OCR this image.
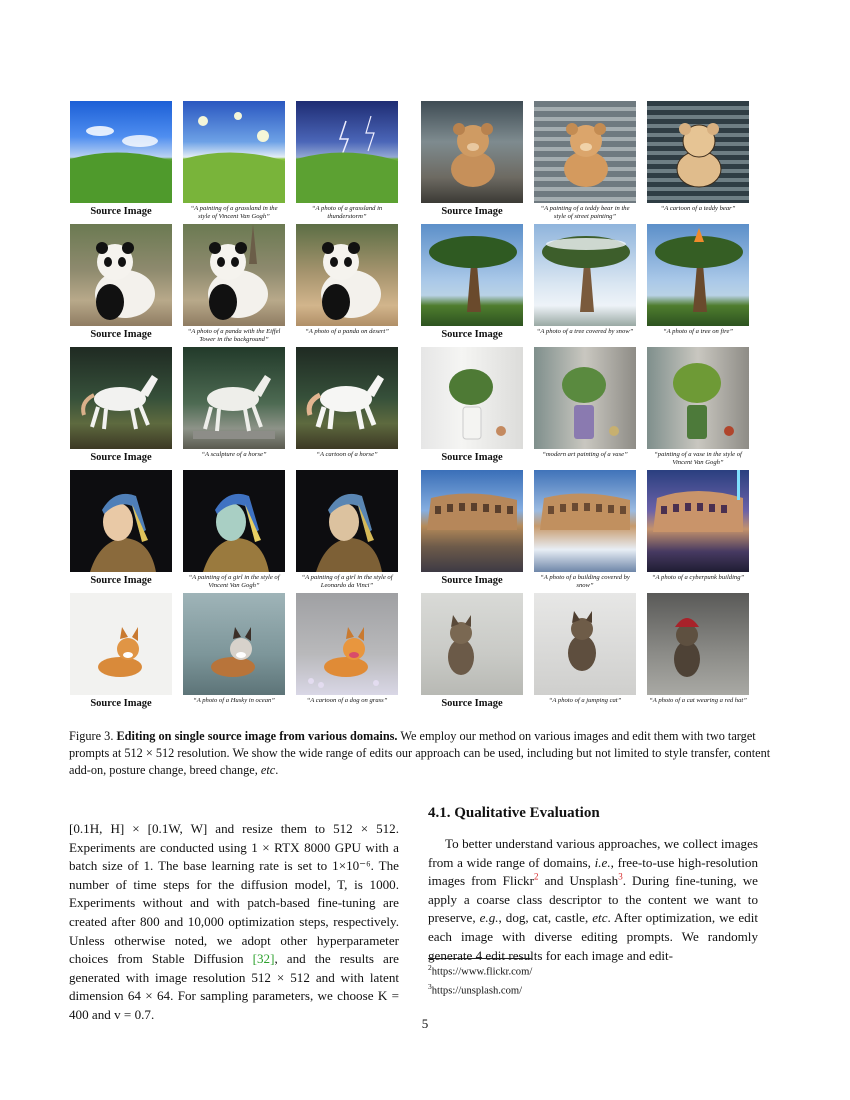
Source Image	“A painting of a grassland in the style of Vincent Van Gogh”
“A photo of a grassland in thunderstorm”
Source Image	“A photo of a panda with the Eiffel Tower in the background”
“A photo of a panda on desert”
Source Image	“A sculpture of a horse”	“A cartoon of a horse”
Source Image	“A painting of a girl in the style of Vincent Van Gogh”
“A painting of a girl in the style of Leonardo da Vinci”
Source Image	“A photo of a Husky in ocean”	“A cartoon of a dog on grass”
Source Image	“A painting of a teddy bear in the style of street painting”
“A cartoon of a teddy bear”
Source Image	“A photo of a tree covered by snow”	“A photo of a tree on fire”
Source Image	“modern art painting of a vase”	“painting of a vase in the style of Vincent Van Gogh”
Source Image	“A photo of a building covered by snow”
“A photo of a cyberpunk building”
Source Image	“A photo of a jumping cat”	“A photo of a cat wearing a red hat”
Figure 3. Editing on single source image from various domains. We employ our method on various images and edit them with two target prompts at 512 × 512 resolution. We show the wide range of edits our approach can be used, including but not limited to style transfer, content add-on, posture change, breed change, etc.

[0.1H, H] × [0.1W, W] and resize them to 512 × 512. Experiments are conducted using 1 × RTX 8000 GPU with a batch size of 1. The base learning rate is set to 1×10⁻⁶. The number of time steps for the diffusion model, T, is 1000. Experiments without and with patch-based fine-tuning are created after 800 and 10,000 optimization steps, respectively. Unless otherwise noted, we adopt other hyperparameter choices from Stable Diffusion [32], and the results are generated with image resolution 512 × 512 and with latent dimension 64 × 64. For sampling parameters, we choose K = 400 and v = 0.7.

4.1. Qualitative Evaluation

To better understand various approaches, we collect images from a wide range of domains, i.e., free-to-use high-resolution images from Flickr$^2$ and Unsplash$^3$. During fine-tuning, we apply a coarse class descriptor to the content we want to preserve, e.g., dog, cat, castle, etc. After optimization, we edit each image with diverse editing prompts. We randomly generate 4 edit results for each image and edit-

$^2$https://www.flickr.com/
$^3$https://unsplash.com/
5
